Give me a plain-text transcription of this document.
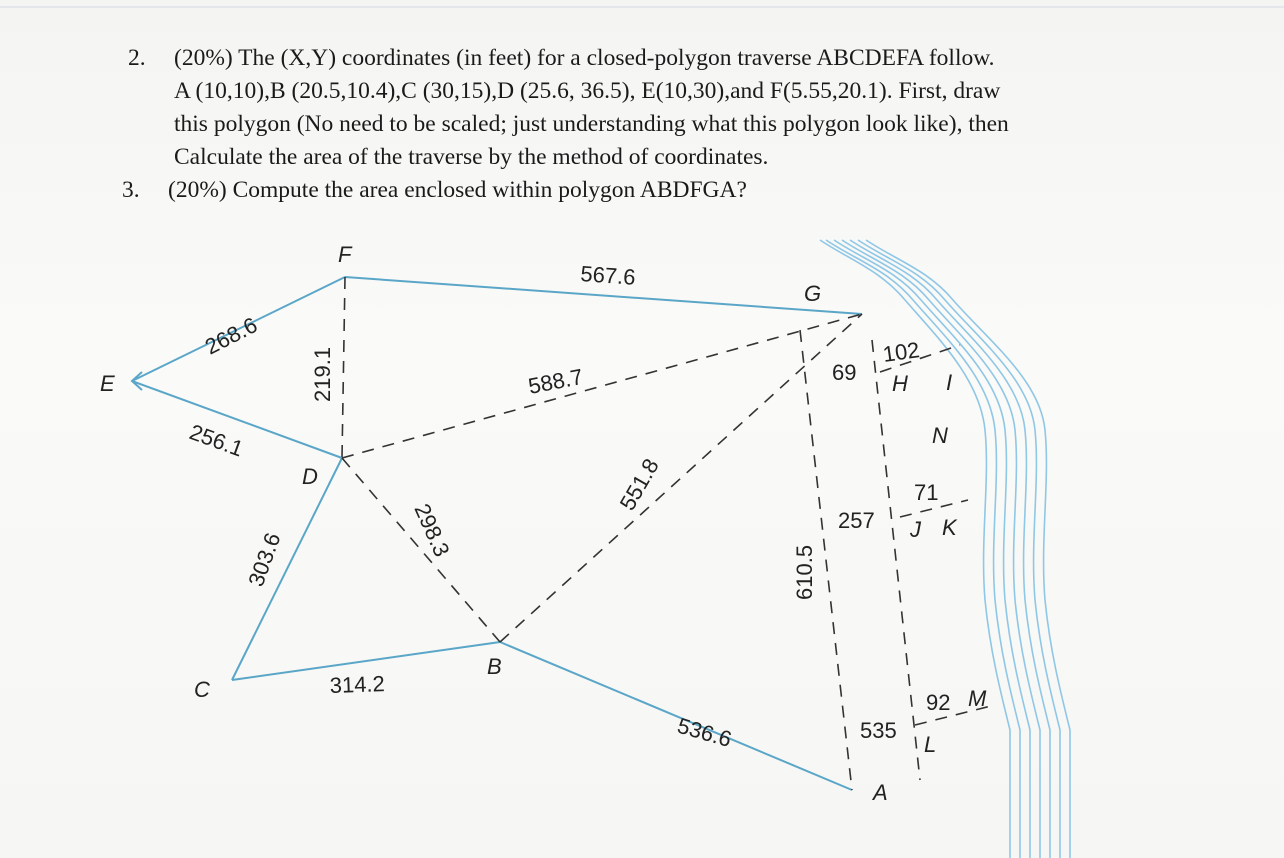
2. (20%) The (X,Y) coordinates (in feet) for a closed-polygon traverse ABCDEFA follow.
A (10,10),B (20.5,10.4),C (30,15),D (25.6, 36.5), E(10,30),and F(5.55,20.1). First, draw
this polygon (No need to be scaled; just understanding what this polygon look like), then
Calculate the area of the traverse by the method of coordinates.
3. (20%) Compute the area enclosed within polygon ABDFGA?
E
F
D
C
B
G
A
H I
N
J K
L
M
268.6
256.1
219.1
567.6
588.7
298.3
551.8
303.6
314.2
536.6
610.5
69
102
257
71
535
92
